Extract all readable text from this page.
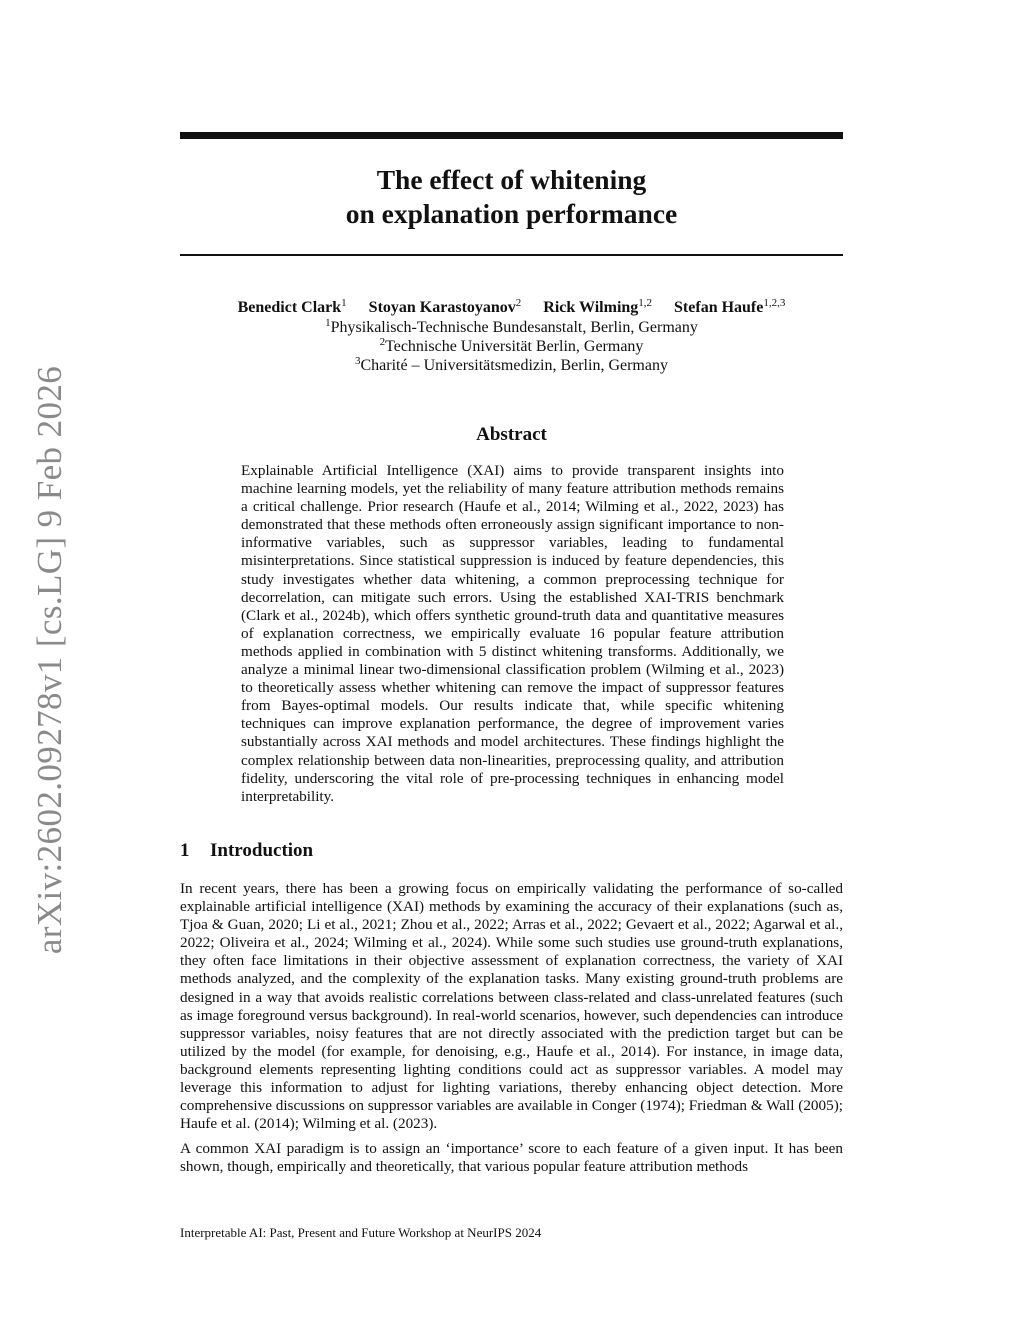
arXiv:2602.09278v1 [cs.LG] 9 Feb 2026
The effect of whitening
on explanation performance
Benedict Clark$^1$ Stoyan Karastoyanov$^2$ Rick Wilming$^{1,2}$ Stefan Haufe$^{1,2,3}$
$^1$Physikalisch-Technische Bundesanstalt, Berlin, Germany
$^2$Technische Universität Berlin, Germany
$^3$Charité – Universitätsmedizin, Berlin, Germany
Abstract

Explainable Artificial Intelligence (XAI) aims to provide transparent insights into machine learning models, yet the reliability of many feature attribution methods remains a critical challenge. Prior research (Haufe et al., 2014; Wilming et al., 2022, 2023) has demonstrated that these methods often erroneously assign significant importance to non-informative variables, such as suppressor variables, leading to fundamental misinterpretations. Since statistical suppression is induced by feature dependencies, this study investigates whether data whitening, a common preprocessing technique for decorrelation, can mitigate such errors. Using the established XAI-TRIS benchmark (Clark et al., 2024b), which offers synthetic ground-truth data and quantitative measures of explanation correctness, we empirically evaluate 16 popular feature attribution methods applied in combination with 5 distinct whitening transforms. Additionally, we analyze a minimal linear two-dimensional classification problem (Wilming et al., 2023) to theoretically assess whether whitening can remove the impact of suppressor features from Bayes-optimal models. Our results indicate that, while specific whitening techniques can improve explanation performance, the degree of improvement varies substantially across XAI methods and model architectures. These findings highlight the complex relationship between data non-linearities, preprocessing quality, and attribution fidelity, underscoring the vital role of pre-processing techniques in enhancing model interpretability.

1 Introduction

In recent years, there has been a growing focus on empirically validating the performance of so-called explainable artificial intelligence (XAI) methods by examining the accuracy of their explanations (such as, Tjoa & Guan, 2020; Li et al., 2021; Zhou et al., 2022; Arras et al., 2022; Gevaert et al., 2022; Agarwal et al., 2022; Oliveira et al., 2024; Wilming et al., 2024). While some such studies use ground-truth explanations, they often face limitations in their objective assessment of explanation correctness, the variety of XAI methods analyzed, and the complexity of the explanation tasks. Many existing ground-truth problems are designed in a way that avoids realistic correlations between class-related and class-unrelated features (such as image foreground versus background). In real-world scenarios, however, such dependencies can introduce suppressor variables, noisy features that are not directly associated with the prediction target but can be utilized by the model (for example, for denoising, e.g., Haufe et al., 2014). For instance, in image data, background elements representing lighting conditions could act as suppressor variables. A model may leverage this information to adjust for lighting variations, thereby enhancing object detection. More comprehensive discussions on suppressor variables are available in Conger (1974); Friedman & Wall (2005); Haufe et al. (2014); Wilming et al. (2023).

A common XAI paradigm is to assign an ‘importance’ score to each feature of a given input. It has been shown, though, empirically and theoretically, that various popular feature attribution methods

Interpretable AI: Past, Present and Future Workshop at NeurIPS 2024
